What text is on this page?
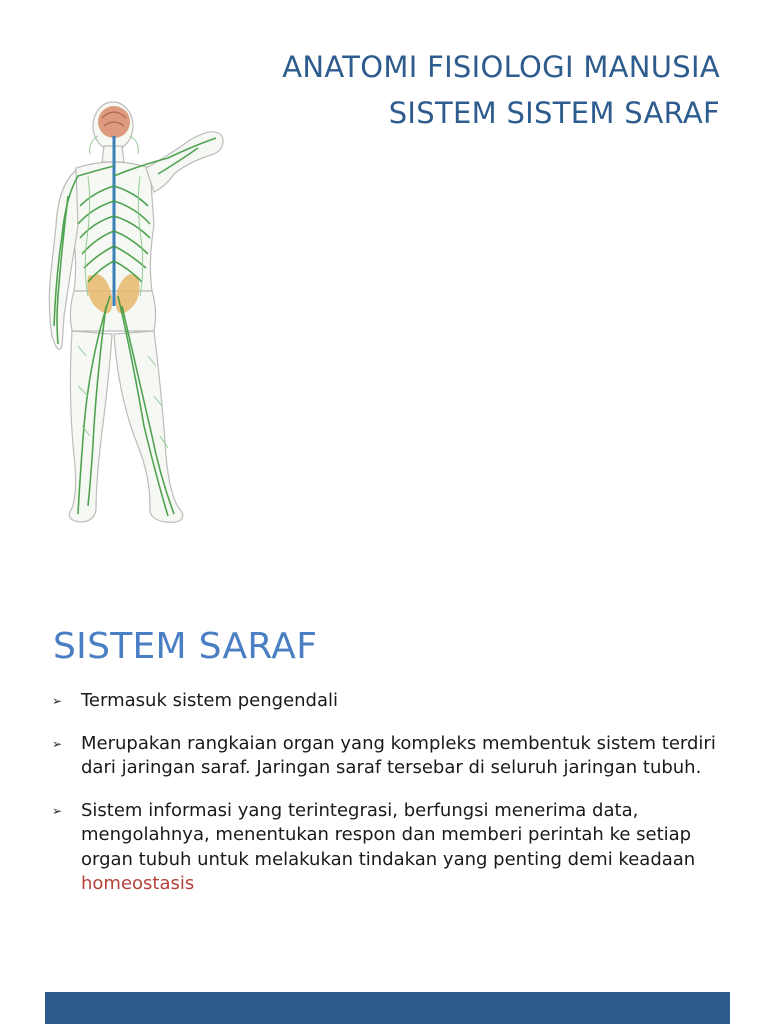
ANATOMI FISIOLOGI MANUSIA
SISTEM SISTEM SARAF
SISTEM SARAF
➢ Termasuk sistem pengendali
➢ Merupakan rangkaian organ yang kompleks membentuk sistem terdiri dari jaringan saraf. Jaringan saraf tersebar di seluruh jaringan tubuh.
➢ Sistem informasi yang terintegrasi, berfungsi menerima data, mengolahnya, menentukan respon dan memberi perintah ke setiap organ tubuh untuk melakukan tindakan yang penting demi keadaan homeostasis
